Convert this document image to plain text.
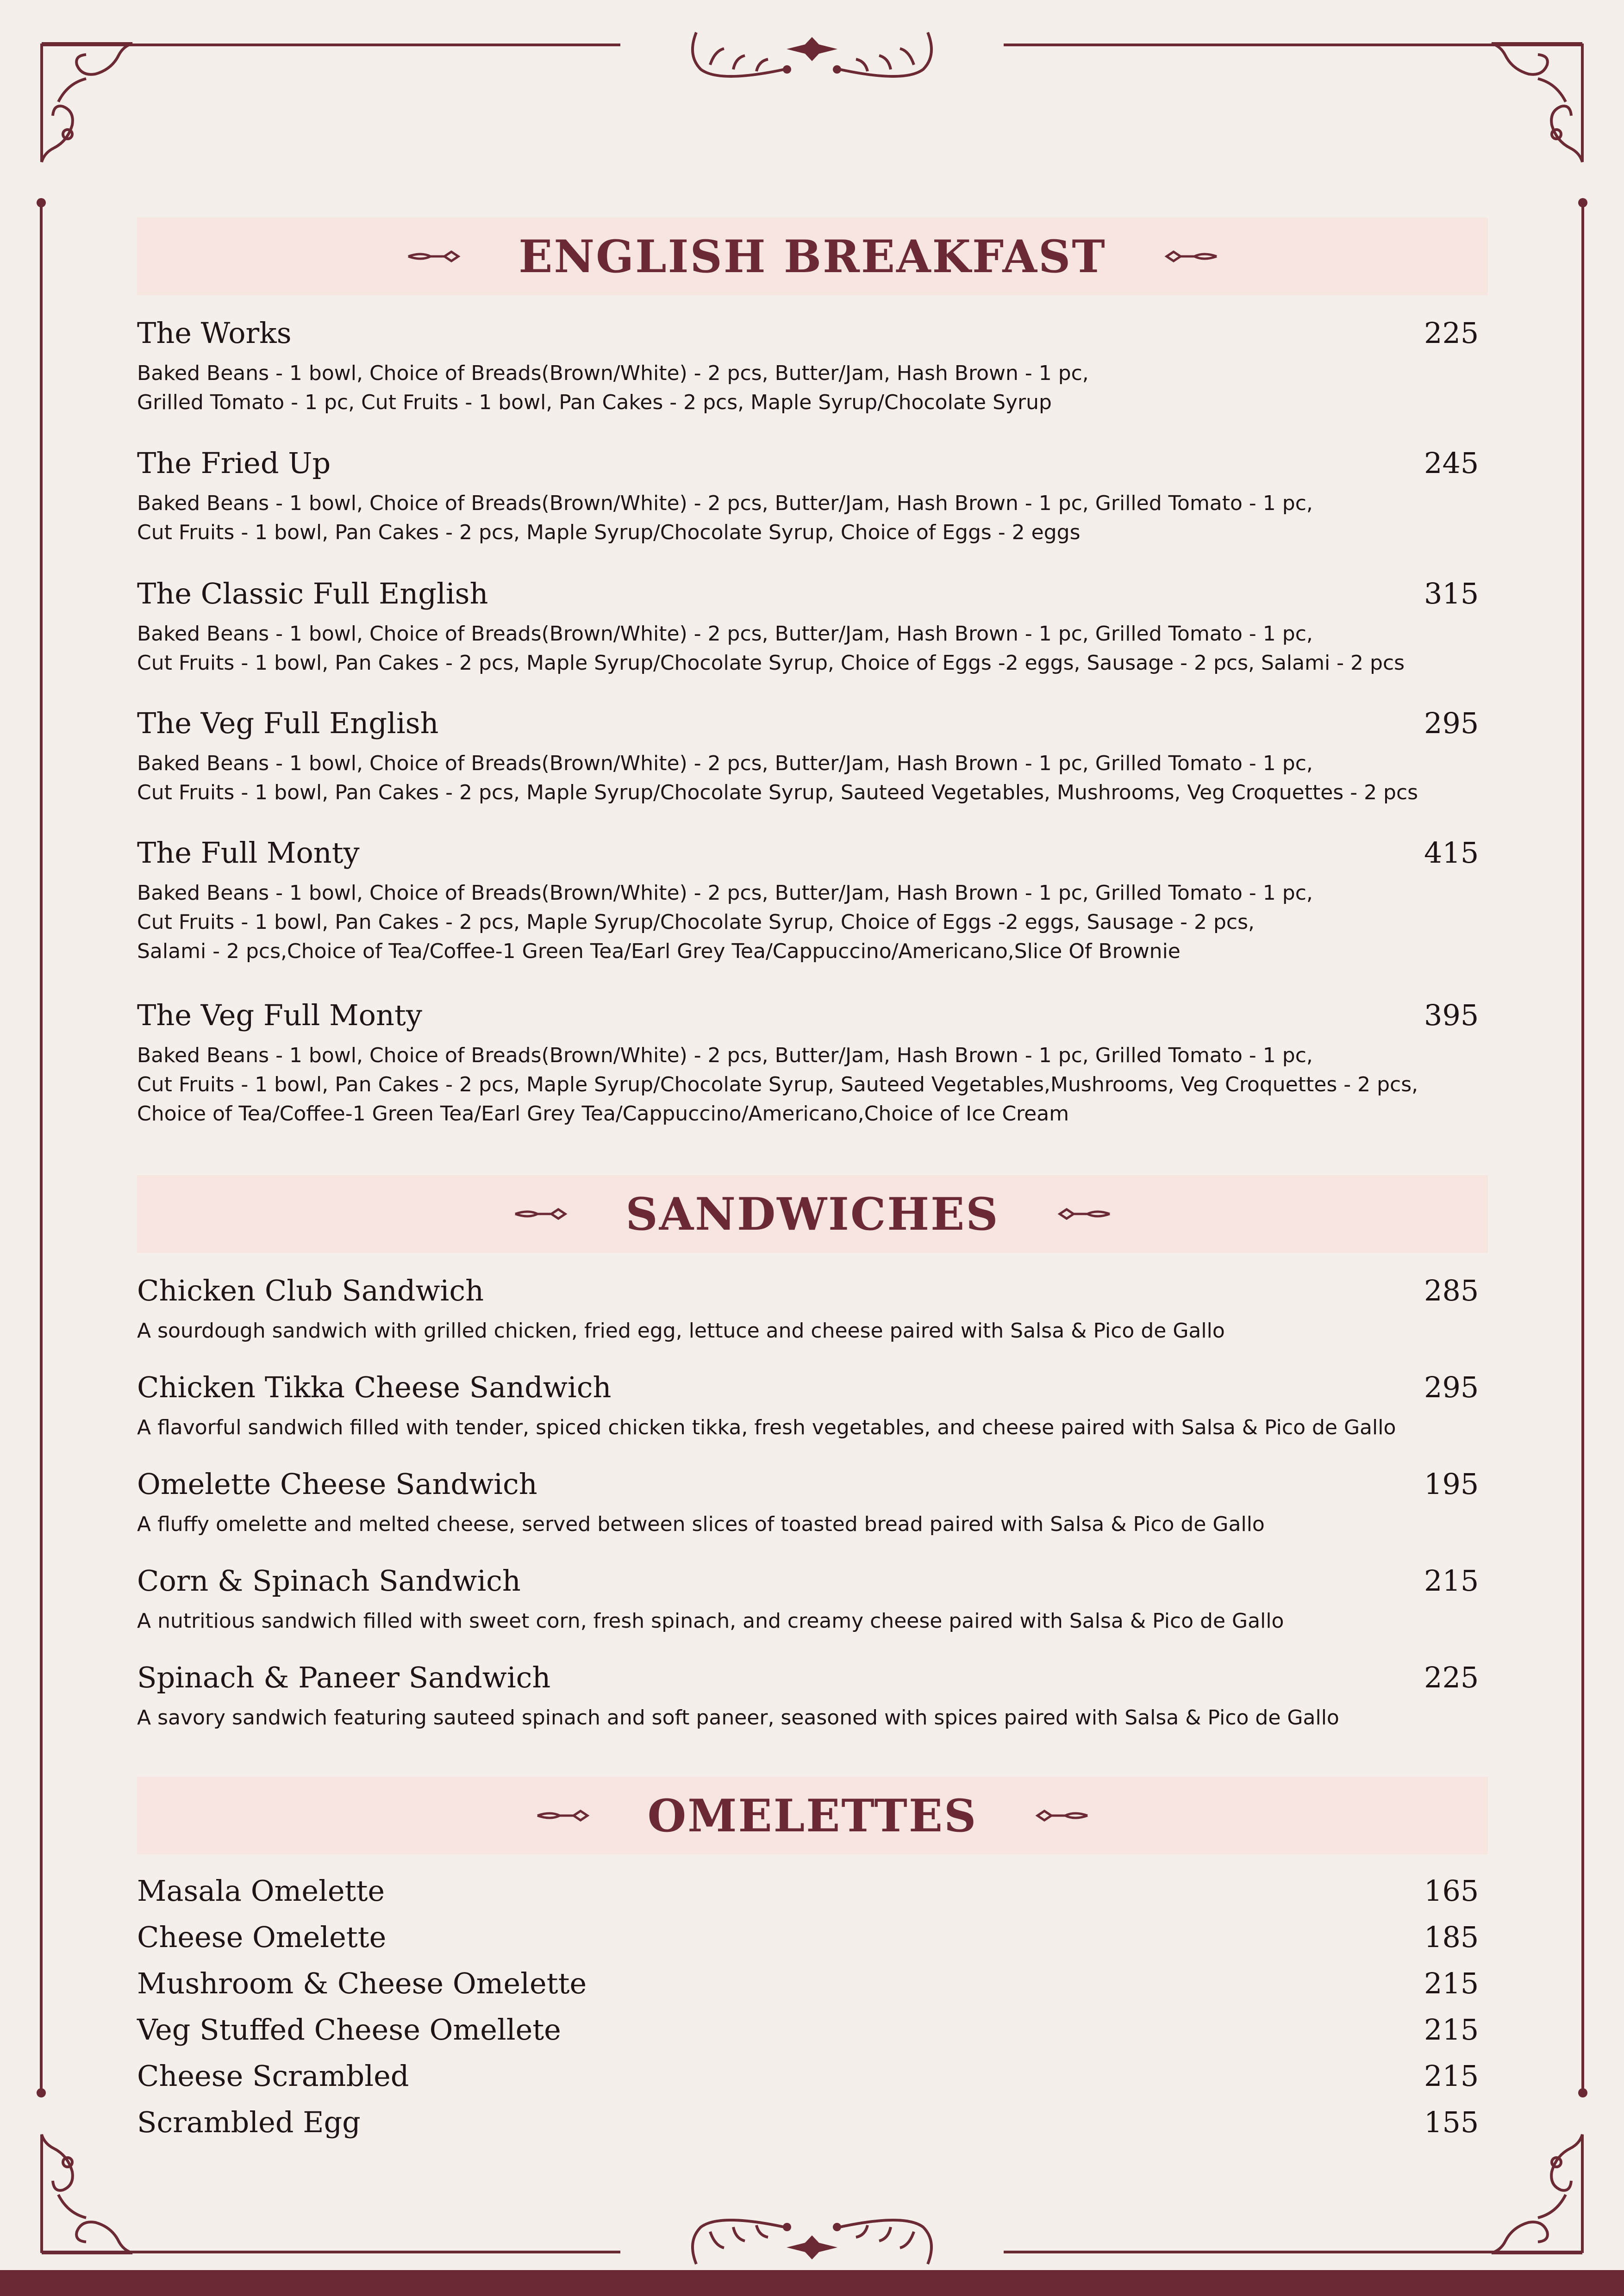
ENGLISH BREAKFAST
The Works	225
Baked Beans - 1 bowl, Choice of Breads(Brown/White) - 2 pcs, Butter/Jam, Hash Brown - 1 pc,
Grilled Tomato - 1 pc, Cut Fruits - 1 bowl, Pan Cakes - 2 pcs, Maple Syrup/Chocolate Syrup
The Fried Up	245
Baked Beans - 1 bowl, Choice of Breads(Brown/White) - 2 pcs, Butter/Jam, Hash Brown - 1 pc, Grilled Tomato - 1 pc,
Cut Fruits - 1 bowl, Pan Cakes - 2 pcs, Maple Syrup/Chocolate Syrup, Choice of Eggs - 2 eggs
The Classic Full English	315
Baked Beans - 1 bowl, Choice of Breads(Brown/White) - 2 pcs, Butter/Jam, Hash Brown - 1 pc, Grilled Tomato - 1 pc,
Cut Fruits - 1 bowl, Pan Cakes - 2 pcs, Maple Syrup/Chocolate Syrup, Choice of Eggs -2 eggs, Sausage - 2 pcs, Salami - 2 pcs
The Veg Full English	295
Baked Beans - 1 bowl, Choice of Breads(Brown/White) - 2 pcs, Butter/Jam, Hash Brown - 1 pc, Grilled Tomato - 1 pc,
Cut Fruits - 1 bowl, Pan Cakes - 2 pcs, Maple Syrup/Chocolate Syrup, Sauteed Vegetables, Mushrooms, Veg Croquettes - 2 pcs
The Full Monty	415
Baked Beans - 1 bowl, Choice of Breads(Brown/White) - 2 pcs, Butter/Jam, Hash Brown - 1 pc, Grilled Tomato - 1 pc,
Cut Fruits - 1 bowl, Pan Cakes - 2 pcs, Maple Syrup/Chocolate Syrup, Choice of Eggs -2 eggs, Sausage - 2 pcs,
Salami - 2 pcs,Choice of Tea/Coffee-1 Green Tea/Earl Grey Tea/Cappuccino/Americano,Slice Of Brownie
The Veg Full Monty	395
Baked Beans - 1 bowl, Choice of Breads(Brown/White) - 2 pcs, Butter/Jam, Hash Brown - 1 pc, Grilled Tomato - 1 pc,
Cut Fruits - 1 bowl, Pan Cakes - 2 pcs, Maple Syrup/Chocolate Syrup, Sauteed Vegetables,Mushrooms, Veg Croquettes - 2 pcs,
Choice of Tea/Coffee-1 Green Tea/Earl Grey Tea/Cappuccino/Americano,Choice of Ice Cream
SANDWICHES
Chicken Club Sandwich	285
A sourdough sandwich with grilled chicken, fried egg, lettuce and cheese paired with Salsa & Pico de Gallo
Chicken Tikka Cheese Sandwich	295
A flavorful sandwich filled with tender, spiced chicken tikka, fresh vegetables, and cheese paired with Salsa & Pico de Gallo
Omelette Cheese Sandwich	195
A fluffy omelette and melted cheese, served between slices of toasted bread paired with Salsa & Pico de Gallo
Corn & Spinach Sandwich	215
A nutritious sandwich filled with sweet corn, fresh spinach, and creamy cheese paired with Salsa & Pico de Gallo
Spinach & Paneer Sandwich	225
A savory sandwich featuring sauteed spinach and soft paneer, seasoned with spices paired with Salsa & Pico de Gallo
OMELETTES
Masala Omelette	165
Cheese Omelette	185
Mushroom & Cheese Omelette	215
Veg Stuffed Cheese Omellete	215
Cheese Scrambled	215
Scrambled Egg	155
